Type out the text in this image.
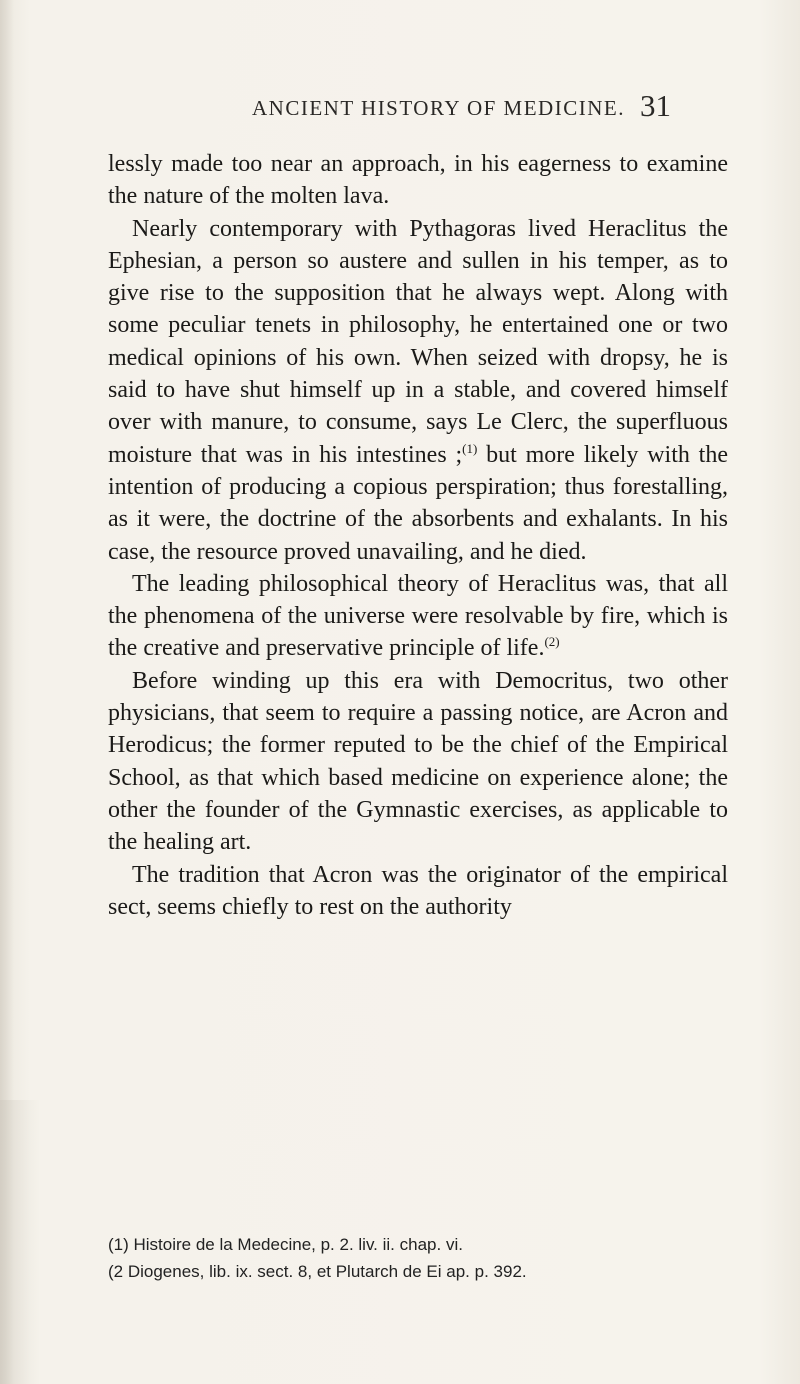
ANCIENT HISTORY OF MEDICINE. 31

lessly made too near an approach, in his eagerness to examine the nature of the molten lava.

Nearly contemporary with Pythagoras lived Heraclitus the Ephesian, a person so austere and sullen in his temper, as to give rise to the supposition that he always wept. Along with some peculiar tenets in philosophy, he entertained one or two medical opinions of his own. When seized with dropsy, he is said to have shut himself up in a stable, and covered himself over with manure, to consume, says Le Clerc, the superfluous moisture that was in his intestines ;$^{(1)}$ but more likely with the intention of producing a copious perspiration; thus forestalling, as it were, the doctrine of the absorbents and exhalants. In his case, the resource proved unavailing, and he died.

The leading philosophical theory of Heraclitus was, that all the phenomena of the universe were resolvable by fire, which is the creative and preservative principle of life.$^{(2)}$

Before winding up this era with Democritus, two other physicians, that seem to require a passing notice, are Acron and Herodicus; the former reputed to be the chief of the Empirical School, as that which based medicine on experience alone; the other the founder of the Gymnastic exercises, as applicable to the healing art.

The tradition that Acron was the originator of the empirical sect, seems chiefly to rest on the authority

(1) Histoire de la Medecine, p. 2. liv. ii. chap. vi.
(2 Diogenes, lib. ix. sect. 8, et Plutarch de Ei ap. p. 392.
